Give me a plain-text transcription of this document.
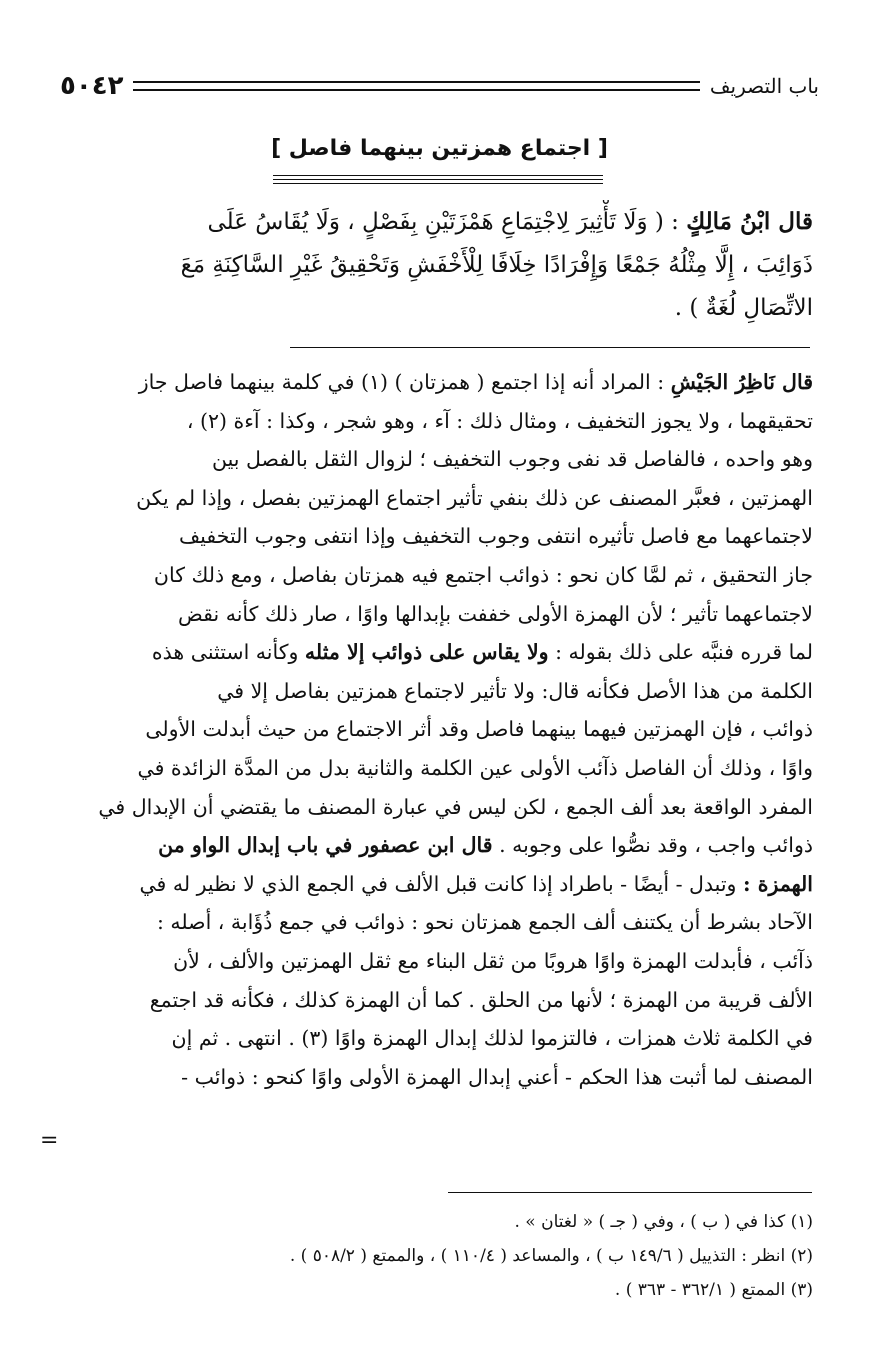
باب التصريف
٥٠٤٢
[ اجتماع همزتين بينهما فاصل ]
قال ابْنُ مَالِكٍ : ( وَلَا تَأْثِيرَ لِاجْتِمَاعِ هَمْزَتَيْنِ بِفَصْلٍ ، وَلَا يُقَاسُ عَلَى
ذَوَائِبَ ، إِلَّا مِثْلُهُ جَمْعًا وَإِفْرَادًا خِلَافًا لِلْأَخْفَشِ وَتَحْقِيقُ غَيْرِ السَّاكِنَةِ مَعَ
الاتِّصَالِ لُغَةٌ ) .
قال نَاظِرُ الجَيْشِ : المراد أنه إذا اجتمع ( همزتان ) (١) في كلمة بينهما فاصل جاز
تحقيقهما ، ولا يجوز التخفيف ، ومثال ذلك : آء ، وهو شجر ، وكذا : آءة (٢) ،
وهو واحده ، فالفاصل قد نفى وجوب التخفيف ؛ لزوال الثقل بالفصل بين
الهمزتين ، فعبَّر المصنف عن ذلك بنفي تأثير اجتماع الهمزتين بفصل ، وإذا لم يكن
لاجتماعهما مع فاصل تأثيره انتفى وجوب التخفيف وإذا انتفى وجوب التخفيف
جاز التحقيق ، ثم لمَّا كان نحو : ذوائب اجتمع فيه همزتان بفاصل ، ومع ذلك كان
لاجتماعهما تأثير ؛ لأن الهمزة الأولى خففت بإبدالها واوًا ، صار ذلك كأنه نقض
لما قرره فنبَّه على ذلك بقوله : ولا يقاس على ذوائب إلا مثله وكأنه استثنى هذه
الكلمة من هذا الأصل فكأنه قال: ولا تأثير لاجتماع همزتين بفاصل إلا في
ذوائب ، فإن الهمزتين فيهما بينهما فاصل وقد أثر الاجتماع من حيث أبدلت الأولى
واوًا ، وذلك أن الفاصل ذآئب الأولى عين الكلمة والثانية بدل من المدَّة الزائدة في
المفرد الواقعة بعد ألف الجمع ، لكن ليس في عبارة المصنف ما يقتضي أن الإبدال في
ذوائب واجب ، وقد نصُّوا على وجوبه . قال ابن عصفور في باب إبدال الواو من
الهمزة : وتبدل - أيضًا - باطراد إذا كانت قبل الألف في الجمع الذي لا نظير له في
الآحاد بشرط أن يكتنف ألف الجمع همزتان نحو : ذوائب في جمع ذُؤَابة ، أصله :
ذآئب ، فأبدلت الهمزة واوًا هروبًا من ثقل البناء مع ثقل الهمزتين والألف ، لأن
الألف قريبة من الهمزة ؛ لأنها من الحلق . كما أن الهمزة كذلك ، فكأنه قد اجتمع
في الكلمة ثلاث همزات ، فالتزموا لذلك إبدال الهمزة واوًا (٣) . انتهى . ثم إن
المصنف لما أثبت هذا الحكم - أعني إبدال الهمزة الأولى واوًا كنحو : ذوائب -
=
(١) كذا في ( ب ) ، وفي ( جـ ) « لغتان » .
(٢) انظر : التذييل ( ١٤٩/٦ ب ) ، والمساعد ( ١١٠/٤ ) ، والممتع ( ٥٠٨/٢ ) .
(٣) الممتع ( ٣٦٢/١ - ٣٦٣ ) .
